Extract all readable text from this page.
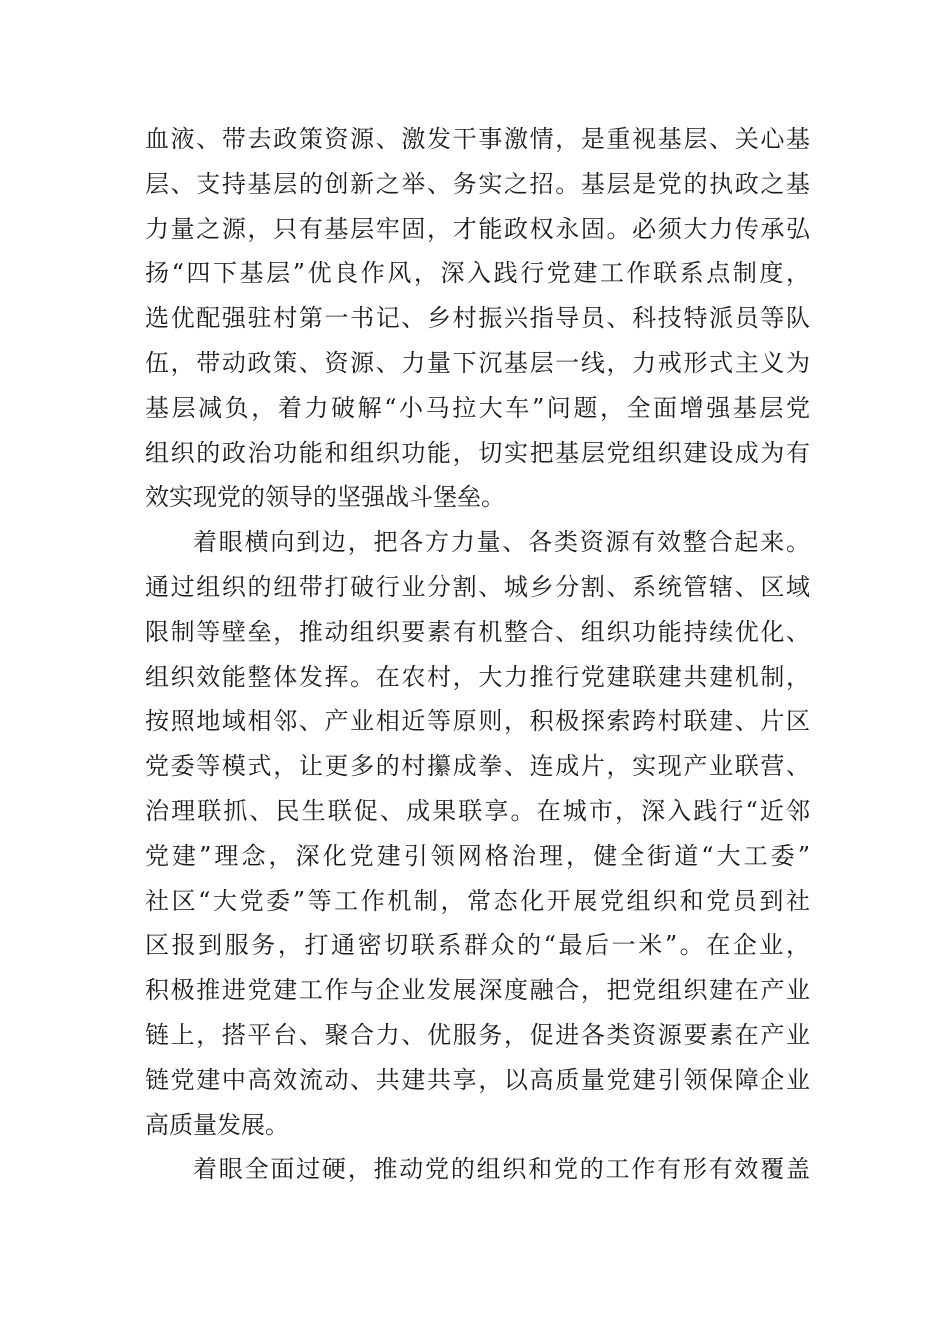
血液、带去政策资源、激发干事激情，是重视基层、关心基
层、支持基层的创新之举、务实之招。基层是党的执政之基
力量之源，只有基层牢固，才能政权永固。必须大力传承弘
扬“四下基层”优良作风，深入践行党建工作联系点制度，
选优配强驻村第一书记、乡村振兴指导员、科技特派员等队
伍，带动政策、资源、力量下沉基层一线，力戒形式主义为
基层减负，着力破解“小马拉大车”问题，全面增强基层党
组织的政治功能和组织功能，切实把基层党组织建设成为有
效实现党的领导的坚强战斗堡垒。
着眼横向到边，把各方力量、各类资源有效整合起来。
通过组织的纽带打破行业分割、城乡分割、系统管辖、区域
限制等壁垒，推动组织要素有机整合、组织功能持续优化、
组织效能整体发挥。在农村，大力推行党建联建共建机制，
按照地域相邻、产业相近等原则，积极探索跨村联建、片区
党委等模式，让更多的村攥成拳、连成片，实现产业联营、
治理联抓、民生联促、成果联享。在城市，深入践行“近邻
党建”理念，深化党建引领网格治理，健全街道“大工委”
社区“大党委”等工作机制，常态化开展党组织和党员到社
区报到服务，打通密切联系群众的“最后一米”。在企业，
积极推进党建工作与企业发展深度融合，把党组织建在产业
链上，搭平台、聚合力、优服务，促进各类资源要素在产业
链党建中高效流动、共建共享，以高质量党建引领保障企业
高质量发展。
着眼全面过硬，推动党的组织和党的工作有形有效覆盖
